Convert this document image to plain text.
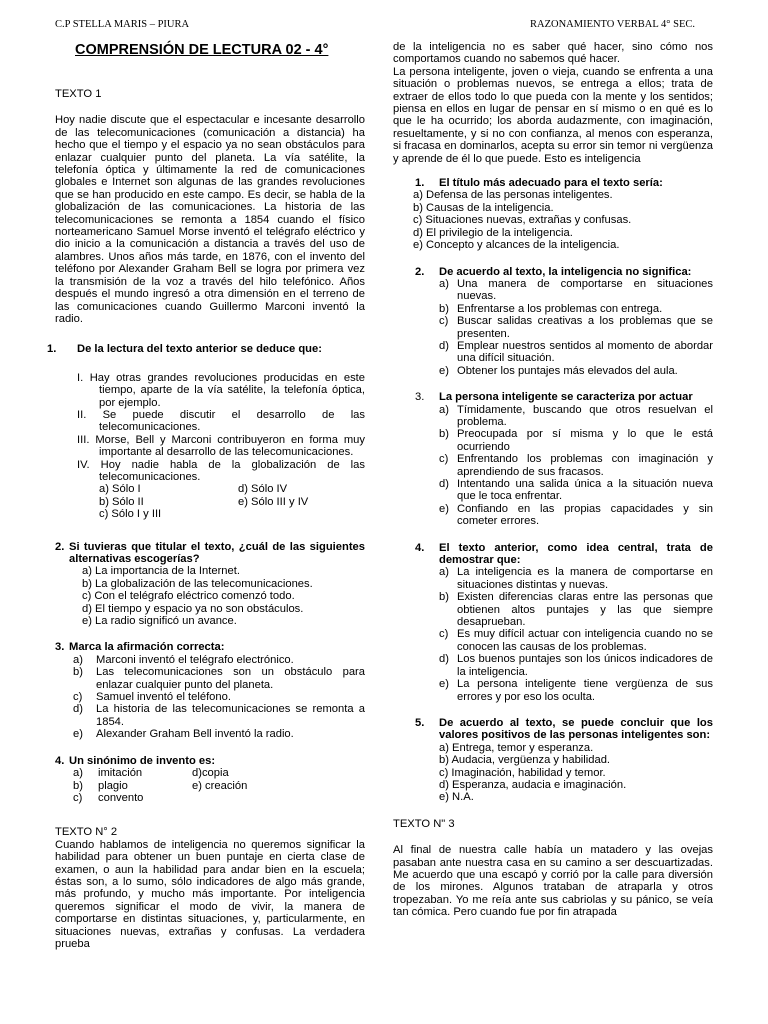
C.P STELLA MARIS – PIURA	RAZONAMIENTO VERBAL 4° SEC.
COMPRENSIÓN DE LECTURA 02 - 4°
TEXTO 1

Hoy nadie discute que el espectacular e incesante desarrollo de las telecomunicaciones (comunicación a distancia) ha hecho que el tiempo y el espacio ya no sean obstáculos para enlazar cualquier punto del planeta. La vía satélite, la telefonía óptica y últimamente la red de comunicaciones globales e Internet son algunas de las grandes revoluciones que se han producido en este campo. Es decir, se habla de la globalización de las comunicaciones. La historia de las telecomunicaciones se remonta a 1854 cuando el físico norteamericano Samuel Morse inventó el telégrafo eléctrico y dio inicio a la comunicación a distancia a través del uso de alambres. Unos años más tarde, en 1876, con el invento del teléfono por Alexander Graham Bell se logra por primera vez la transmisión de la voz a través del hilo telefónico. Años después el mundo ingresó a otra dimensión en el terreno de las comunicaciones cuando Guillermo Marconi inventó la radio.

1.	De la lectura del texto anterior se deduce que:
I. Hay otras grandes revoluciones producidas en este tiempo, aparte de la vía satélite, la telefonía óptica, por ejemplo.
II. Se puede discutir el desarrollo de las telecomunicaciones.
III. Morse, Bell y Marconi contribuyeron en forma muy importante al desarrollo de las telecomunicaciones.
IV. Hoy nadie habla de la globalización de las telecomunicaciones.
a) Sólo I	d) Sólo IV
b) Sólo II	e) Sólo III y IV
c) Sólo I y III
2. Si tuvieras que titular el texto, ¿cuál de las siguientes alternativas escogerías?
a) La importancia de la Internet.
b) La globalización de las telecomunicaciones.
c) Con el telégrafo eléctrico comenzó todo.
d) El tiempo y espacio ya no son obstáculos.
e) La radio significó un avance.
3. Marca la afirmación correcta:
a)	Marconi inventó el telégrafo electrónico.
b)	Las telecomunicaciones son un obstáculo para enlazar cualquier punto del planeta.
c)	Samuel inventó el teléfono.
d)	La historia de las telecomunicaciones se remonta a 1854.
e)	Alexander Graham Bell inventó la radio.
4. Un sinónimo de invento es:
a)	imitación	d)copia
b)	plagio	e) creación
c)	convento
TEXTO N° 2

Cuando hablamos de inteligencia no queremos significar la habilidad para obtener un buen puntaje en cierta clase de examen, o aun la habilidad para andar bien en la escuela; éstas son, a lo sumo, sólo indicadores de algo más grande, más profundo, y mucho más importante. Por inteligencia queremos significar el modo de vivir, la manera de comportarse en distintas situaciones, y, particularmente, en situaciones nuevas, extrañas y confusas. La verdadera prueba

de la inteligencia no es saber qué hacer, sino cómo nos comportamos cuando no sabemos qué hacer.

La persona inteligente, joven o vieja, cuando se enfrenta a una situación o problemas nuevos, se entrega a ellos; trata de extraer de ellos todo lo que pueda con la mente y los sentidos; piensa en ellos en lugar de pensar en sí mismo o en qué es lo que le ha ocurrido; los aborda audazmente, con imaginación, resueltamente, y si no con confianza, al menos con esperanza, si fracasa en dominarlos, acepta su error sin temor ni vergüenza y aprende de él lo que puede. Esto es inteligencia

1.	El título más adecuado para el texto sería:
a) Defensa de las personas inteligentes.
b) Causas de la inteligencia.
c) Situaciones nuevas, extrañas y confusas.
d) El privilegio de la inteligencia.
e) Concepto y alcances de la inteligencia.
2.	De acuerdo al texto, la inteligencia no significa:
a) Una manera de comportarse en situaciones nuevas.
b) Enfrentarse a los problemas con entrega.
c) Buscar salidas creativas a los problemas que se presenten.
d) Emplear nuestros sentidos al momento de abordar una difícil situación.
e) Obtener los puntajes más elevados del aula.
3.	La persona inteligente se caracteriza por actuar
a) Tímidamente, buscando que otros resuelvan el problema.
b) Preocupada por sí misma y lo que le está ocurriendo
c) Enfrentando los problemas con imaginación y aprendiendo de sus fracasos.
d) Intentando una salida única a la situación nueva que le toca enfrentar.
e) Confiando en las propias capacidades y sin cometer errores.
4.	El texto anterior, como idea central, trata de demostrar que:
a) La inteligencia es la manera de comportarse en situaciones distintas y nuevas.
b) Existen diferencias claras entre las personas que obtienen altos puntajes y las que siempre desaprueban.
c) Es muy difícil actuar con inteligencia cuando no se conocen las causas de los problemas.
d) Los buenos puntajes son los únicos indicadores de la inteligencia.
e) La persona inteligente tiene vergüenza de sus errores y por eso los oculta.
5.	De acuerdo al texto, se puede concluir que los valores positivos de las personas inteligentes son:
a) Entrega, temor y esperanza.
b) Audacia, vergüenza y habilidad.
c) Imaginación, habilidad y temor.
d) Esperanza, audacia e imaginación.
e) N.A.
TEXTO N" 3

Al final de nuestra calle había un matadero y las ovejas pasaban ante nuestra casa en su camino a ser descuartizadas. Me acuerdo que una escapó y corrió por la calle para diversión de los mirones. Algunos trataban de atraparla y otros tropezaban. Yo me reía ante sus cabriolas y su pánico, se veía tan cómica. Pero cuando fue por fin atrapada
